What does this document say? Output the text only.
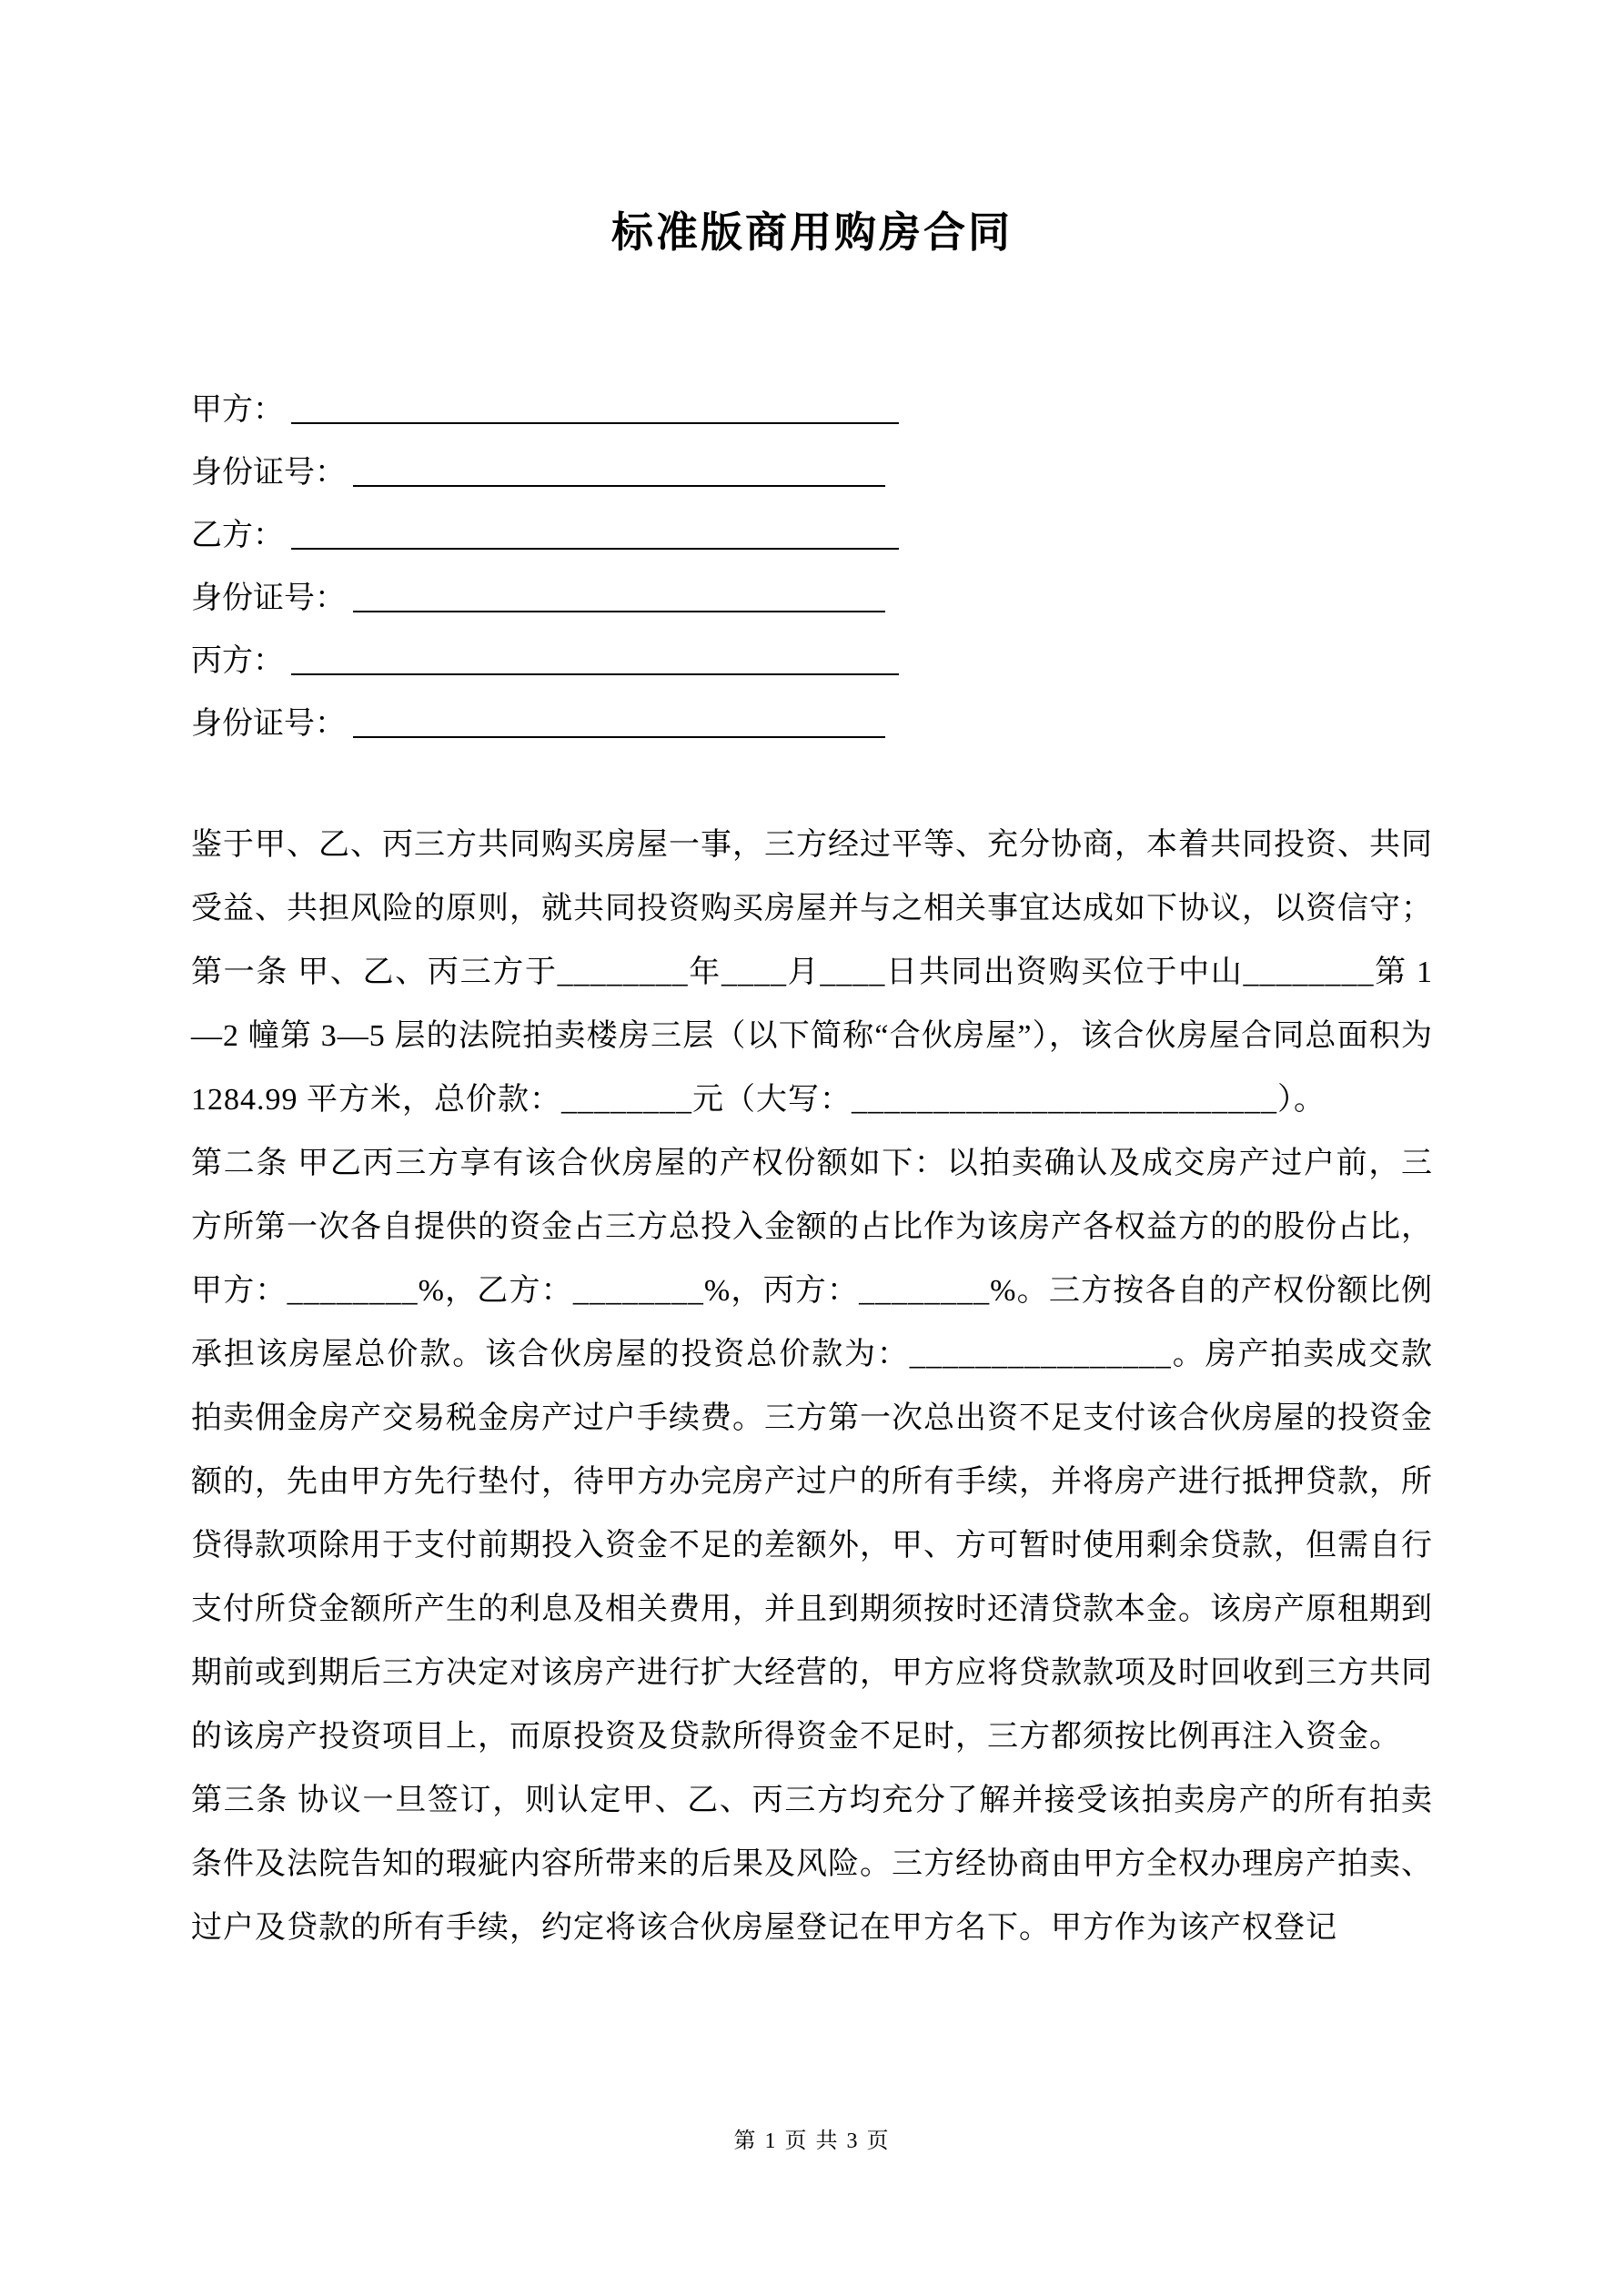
标准版商用购房合同
甲方：
身份证号：
乙方：
身份证号：
丙方：
身份证号：

鉴于甲、乙、丙三方共同购买房屋一事，三方经过平等、充分协商，本着共同投资、共同受益、共担风险的原则，就共同投资购买房屋并与之相关事宜达成如下协议，以资信守；

第一条 甲、乙、丙三方于________年____月____日共同出资购买位于中山________第 1—2 幢第 3—5 层的法院拍卖楼房三层（以下简称“合伙房屋”），该合伙房屋合同总面积为 1284.99 平方米，总价款：________元（大写：__________________________）。

第二条 甲乙丙三方享有该合伙房屋的产权份额如下：以拍卖确认及成交房产过户前，三方所第一次各自提供的资金占三方总投入金额的占比作为该房产各权益方的的股份占比，甲方：________%，乙方：________%，丙方：________%。三方按各自的产权份额比例承担该房屋总价款。该合伙房屋的投资总价款为：________________。房产拍卖成交款拍卖佣金房产交易税金房产过户手续费。三方第一次总出资不足支付该合伙房屋的投资金额的，先由甲方先行垫付，待甲方办完房产过户的所有手续，并将房产进行抵押贷款，所贷得款项除用于支付前期投入资金不足的差额外，甲、方可暂时使用剩余贷款，但需自行支付所贷金额所产生的利息及相关费用，并且到期须按时还清贷款本金。该房产原租期到期前或到期后三方决定对该房产进行扩大经营的，甲方应将贷款款项及时回收到三方共同的该房产投资项目上，而原投资及贷款所得资金不足时，三方都须按比例再注入资金。

第三条 协议一旦签订，则认定甲、乙、丙三方均充分了解并接受该拍卖房产的所有拍卖条件及法院告知的瑕疵内容所带来的后果及风险。三方经协商由甲方全权办理房产拍卖、过户及贷款的所有手续，约定将该合伙房屋登记在甲方名下。甲方作为该产权登记

第 1 页 共 3 页
